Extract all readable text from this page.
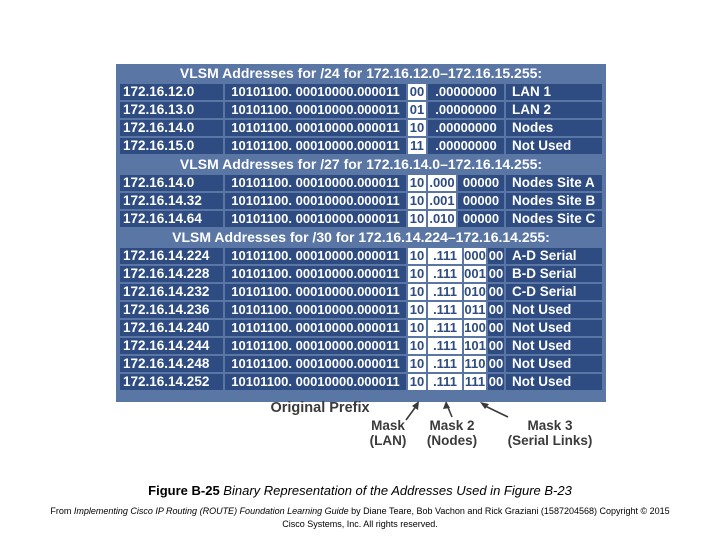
VLSM Addresses for /24 for 172.16.12.0–172.16.15.255:
172.16.12.0	10101100. 00010000.000011 00 .00000000	LAN 1
172.16.13.0	10101100. 00010000.000011 01 .00000000	LAN 2
172.16.14.0	10101100. 00010000.000011 10 .00000000	Nodes
172.16.15.0	10101100. 00010000.000011 11 .00000000	Not Used
VLSM Addresses for /27 for 172.16.14.0–172.16.14.255:
172.16.14.0	10101100. 00010000.000011 10 .000 00000 Nodes Site A
172.16.14.32	10101100. 00010000.000011 10 .001 00000 Nodes Site B
172.16.14.64	10101100. 00010000.000011 10 .010 00000 Nodes Site C
VLSM Addresses for /30 for 172.16.14.224–172.16.14.255:
172.16.14.224	10101100. 00010000.000011 10 .111 000 00 A-D Serial
172.16.14.228	10101100. 00010000.000011 10 .111 001 00 B-D Serial
172.16.14.232	10101100. 00010000.000011 10 .111 010 00 C-D Serial
172.16.14.236	10101100. 00010000.000011 10 .111 011 00 Not Used
172.16.14.240	10101100. 00010000.000011 10 .111 100 00 Not Used
172.16.14.244	10101100. 00010000.000011 10 .111 101 00 Not Used
172.16.14.248	10101100. 00010000.000011 10 .111 110 00 Not Used
172.16.14.252	10101100. 00010000.000011 10 .111 111 00 Not Used
Original Prefix
Mask
(LAN)
Mask 2
(Nodes)
Mask 3
(Serial Links)
Figure B-25 Binary Representation of the Addresses Used in Figure B-23
From Implementing Cisco IP Routing (ROUTE) Foundation Learning Guide by Diane Teare, Bob Vachon and Rick Graziani (1587204568) Copyright © 2015
Cisco Systems, Inc. All rights reserved.
